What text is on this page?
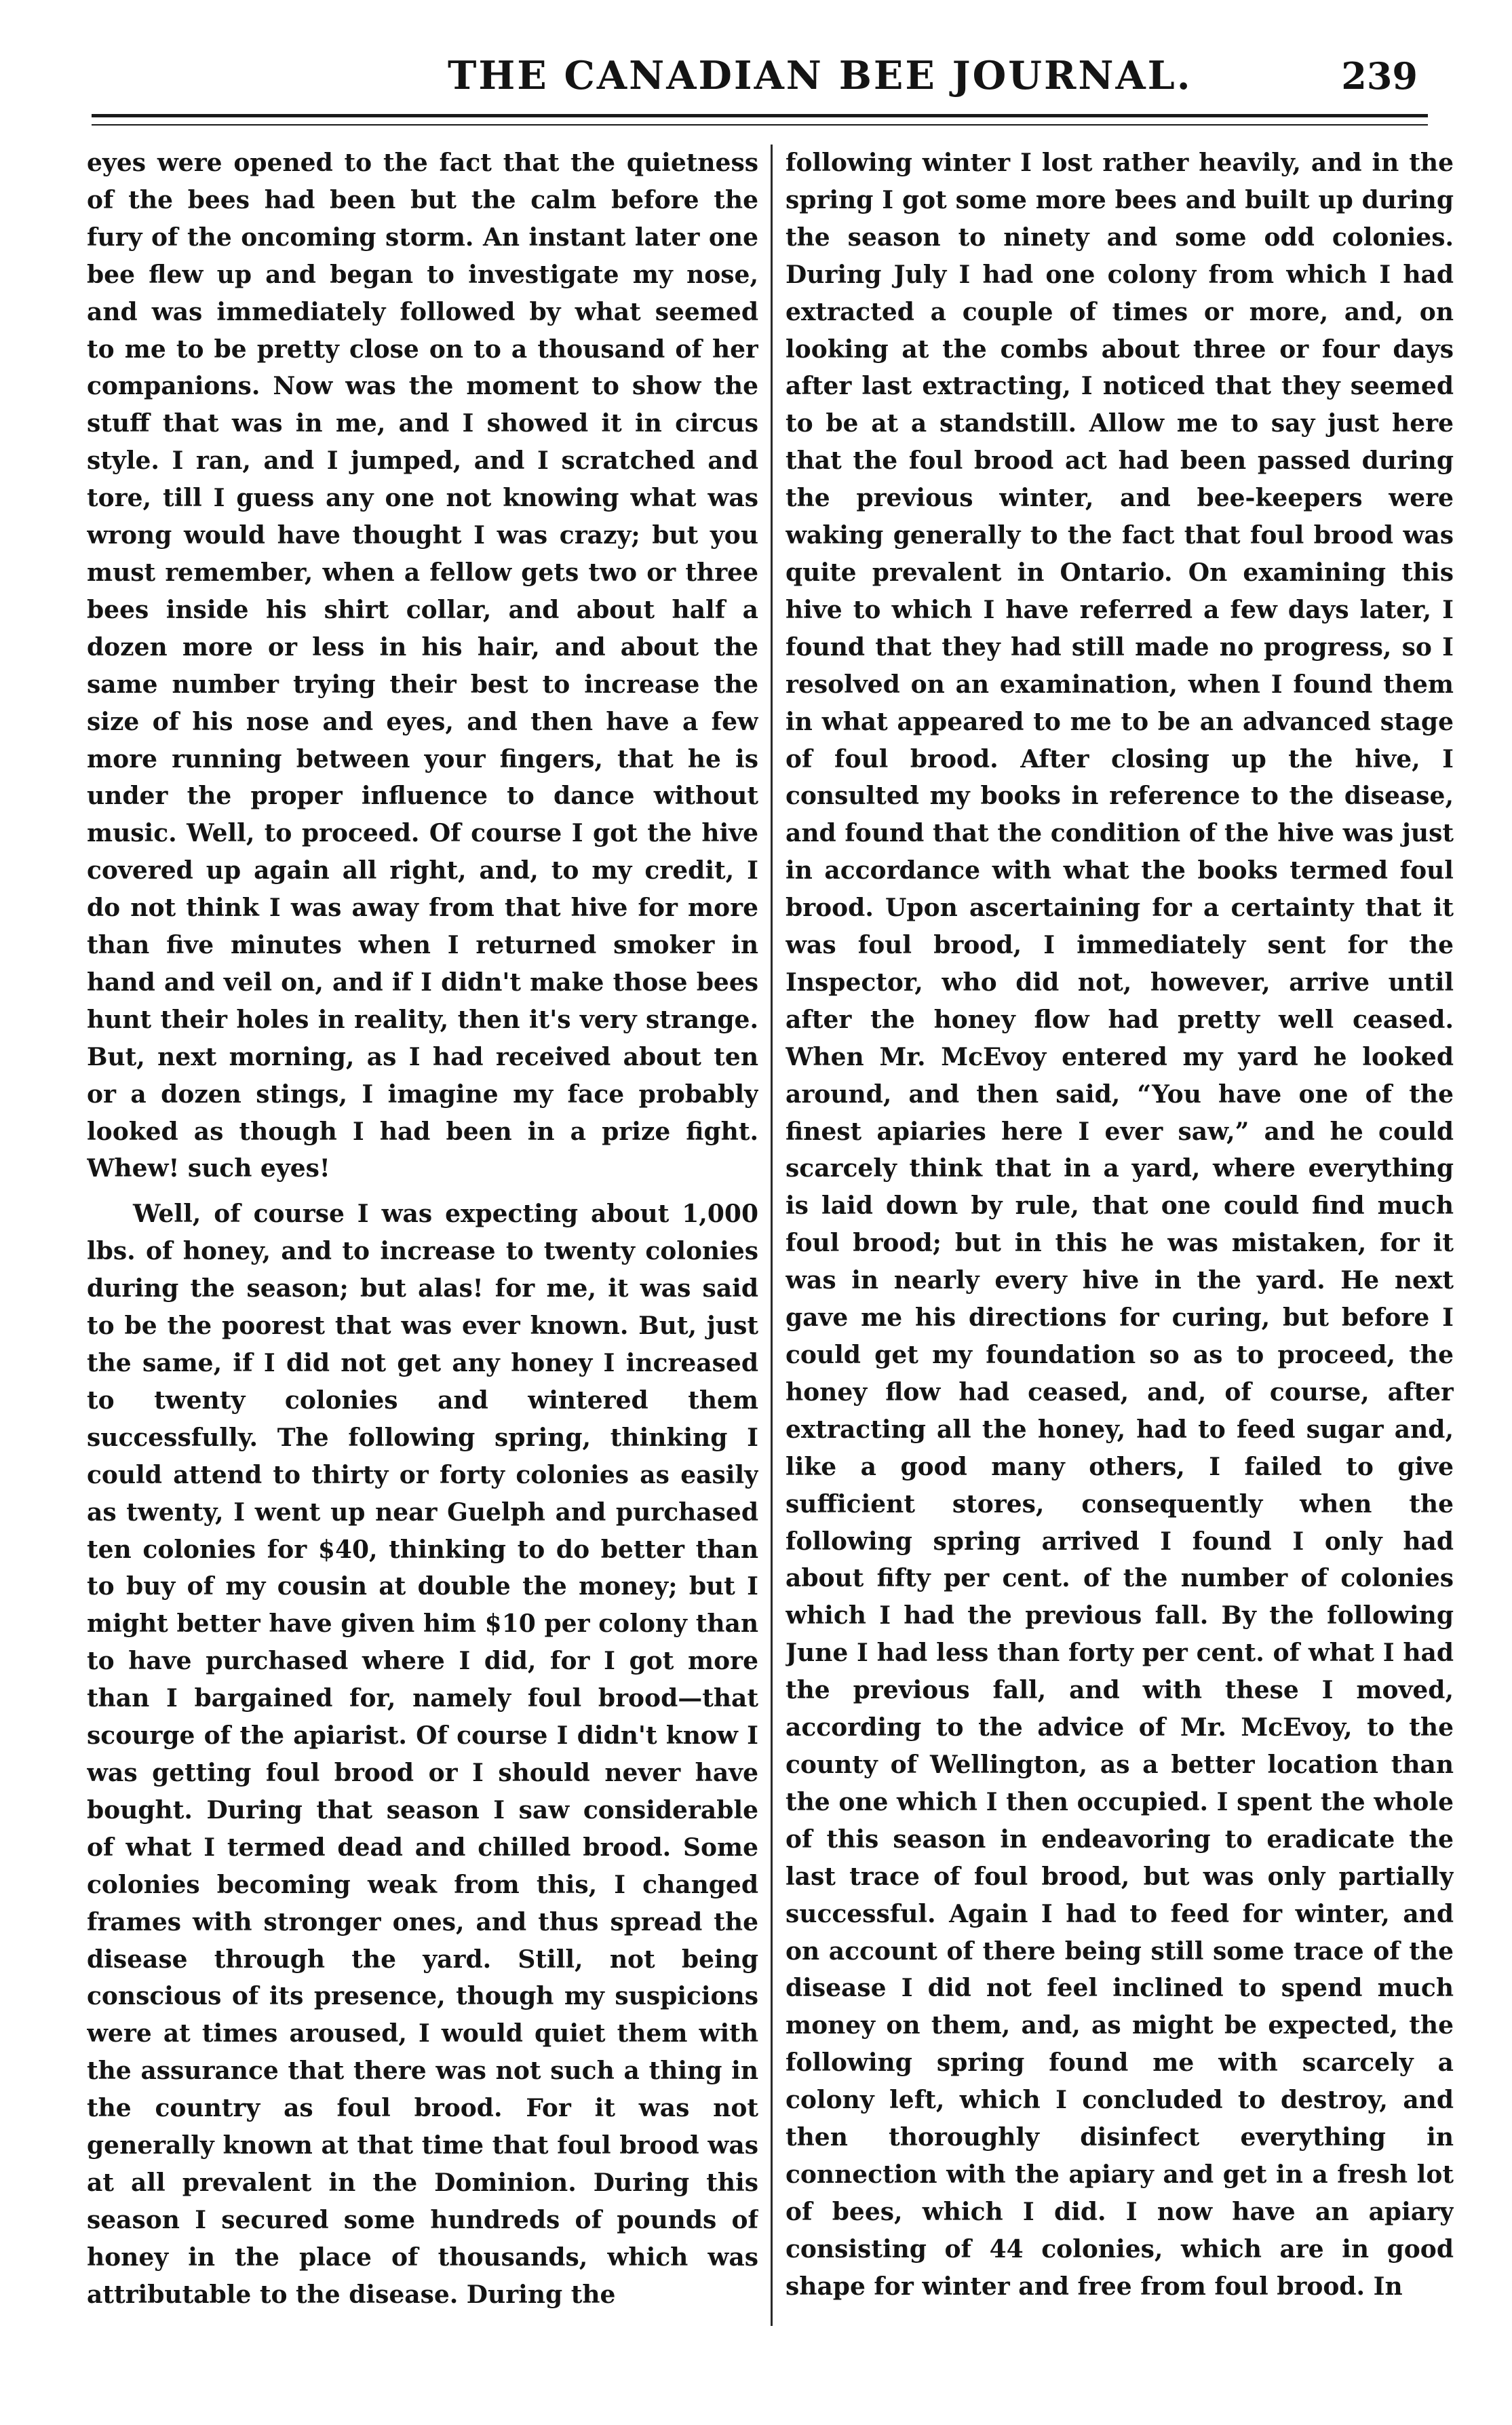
THE CANADIAN BEE JOURNAL.	239

eyes were opened to the fact that the quietness of the bees had been but the calm before the fury of the oncoming storm. An instant later one bee flew up and began to investigate my nose, and was immediately followed by what seemed to me to be pretty close on to a thousand of her companions. Now was the moment to show the stuff that was in me, and I showed it in circus style. I ran, and I jumped, and I scratched and tore, till I guess any one not knowing what was wrong would have thought I was crazy; but you must remember, when a fellow gets two or three bees inside his shirt collar, and about half a dozen more or less in his hair, and about the same number trying their best to increase the size of his nose and eyes, and then have a few more running between your fingers, that he is under the proper influence to dance without music. Well, to proceed. Of course I got the hive covered up again all right, and, to my credit, I do not think I was away from that hive for more than five minutes when I returned smoker in hand and veil on, and if I didn't make those bees hunt their holes in reality, then it's very strange. But, next morning, as I had received about ten or a dozen stings, I imagine my face probably looked as though I had been in a prize fight. Whew! such eyes!

Well, of course I was expecting about 1,000 lbs. of honey, and to increase to twenty colonies during the season; but alas! for me, it was said to be the poorest that was ever known. But, just the same, if I did not get any honey I increased to twenty colonies and wintered them successfully. The following spring, thinking I could attend to thirty or forty colonies as easily as twenty, I went up near Guelph and purchased ten colonies for $40, thinking to do better than to buy of my cousin at double the money; but I might better have given him $10 per colony than to have purchased where I did, for I got more than I bargained for, namely foul brood—that scourge of the apiarist. Of course I didn't know I was getting foul brood or I should never have bought. During that season I saw considerable of what I termed dead and chilled brood. Some colonies becoming weak from this, I changed frames with stronger ones, and thus spread the disease through the yard. Still, not being conscious of its presence, though my suspicions were at times aroused, I would quiet them with the assurance that there was not such a thing in the country as foul brood. For it was not generally known at that time that foul brood was at all prevalent in the Dominion. During this season I secured some hundreds of pounds of honey in the place of thousands, which was attributable to the disease. During the

following winter I lost rather heavily, and in the spring I got some more bees and built up during the season to ninety and some odd colonies. During July I had one colony from which I had extracted a couple of times or more, and, on looking at the combs about three or four days after last extracting, I noticed that they seemed to be at a standstill. Allow me to say just here that the foul brood act had been passed during the previous winter, and bee-keepers were waking generally to the fact that foul brood was quite prevalent in Ontario. On examining this hive to which I have referred a few days later, I found that they had still made no progress, so I resolved on an examination, when I found them in what appeared to me to be an advanced stage of foul brood. After closing up the hive, I consulted my books in reference to the disease, and found that the condition of the hive was just in accordance with what the books termed foul brood. Upon ascertaining for a certainty that it was foul brood, I immediately sent for the Inspector, who did not, however, arrive until after the honey flow had pretty well ceased. When Mr. McEvoy entered my yard he looked around, and then said, “You have one of the finest apiaries here I ever saw,” and he could scarcely think that in a yard, where everything is laid down by rule, that one could find much foul brood; but in this he was mistaken, for it was in nearly every hive in the yard. He next gave me his directions for curing, but before I could get my foundation so as to proceed, the honey flow had ceased, and, of course, after extracting all the honey, had to feed sugar and, like a good many others, I failed to give sufficient stores, consequently when the following spring arrived I found I only had about fifty per cent. of the number of colonies which I had the previous fall. By the following June I had less than forty per cent. of what I had the previous fall, and with these I moved, according to the advice of Mr. McEvoy, to the county of Wellington, as a better location than the one which I then occupied. I spent the whole of this season in endeavoring to eradicate the last trace of foul brood, but was only partially successful. Again I had to feed for winter, and on account of there being still some trace of the disease I did not feel inclined to spend much money on them, and, as might be expected, the following spring found me with scarcely a colony left, which I concluded to destroy, and then thoroughly disinfect everything in connection with the apiary and get in a fresh lot of bees, which I did. I now have an apiary consisting of 44 colonies, which are in good shape for winter and free from foul brood. In
